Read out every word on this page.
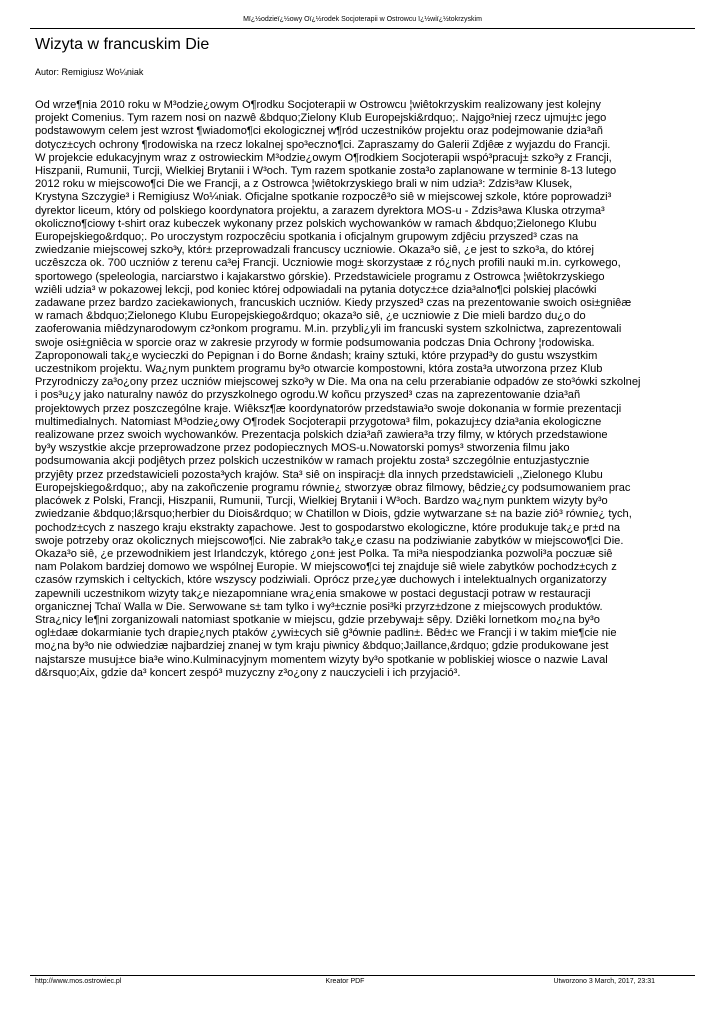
Mï¿½odzieï¿½owy Oï¿½rodek Socjoterapii w Ostrowcu ï¿½wiï¿½tokrzyskim
Wizyta w francuskim Die
Autor: Remigiusz Wo¼niak

Od wrze¶nia 2010 roku w M³odzie¿owym O¶rodku Socjoterapii w Ostrowcu ¦wiêtokrzyskim realizowany jest kolejny
projekt Comenius. Tym razem nosi on nazwê &bdquo;Zielony Klub Europejski&rdquo;. Najgo³niej rzecz ujmuj±c jego
podstawowym celem jest wzrost ¶wiadomo¶ci ekologicznej w¶ród uczestników projektu oraz podejmowanie dzia³añ
dotycz±cych ochrony ¶rodowiska na rzecz lokalnej spo³eczno¶ci. Zapraszamy do Galerii Zdjêæ z wyjazdu do Francji.
W projekcie edukacyjnym wraz z ostrowieckim M³odzie¿owym O¶rodkiem Socjoterapii wspó³pracuj± szko³y z Francji,
Hiszpanii, Rumunii, Turcji, Wielkiej Brytanii i W³och. Tym razem spotkanie zosta³o zaplanowane w terminie 8-13 lutego
2012 roku w miejscowo¶ci Die we Francji, a z Ostrowca ¦wiêtokrzyskiego brali w nim udzia³: Zdzis³aw Klusek,
Krystyna Szczygie³ i Remigiusz Wo¼niak. Oficjalne spotkanie rozpoczê³o siê w miejscowej szkole, które poprowadzi³
dyrektor liceum, który od polskiego koordynatora projektu, a zarazem dyrektora MOS-u - Zdzis³awa Kluska otrzyma³
okoliczno¶ciowy t-shirt oraz kubeczek wykonany przez polskich wychowanków w ramach &bdquo;Zielonego Klubu
Europejskiego&rdquo;. Po uroczystym rozpoczêciu spotkania i oficjalnym grupowym zdjêciu przyszed³ czas na
zwiedzanie miejscowej szko³y, któr± przeprowadzali francuscy uczniowie. Okaza³o siê, ¿e jest to szko³a, do której
uczêszcza ok. 700 uczniów z terenu ca³ej Francji. Uczniowie mog± skorzystaæ z ró¿nych profili nauki m.in. cyrkowego,
sportowego (speleologia, narciarstwo i kajakarstwo górskie). Przedstawiciele programu z Ostrowca ¦wiêtokrzyskiego
wziêli udzia³ w pokazowej lekcji, pod koniec której odpowiadali na pytania dotycz±ce dzia³alno¶ci polskiej placówki
zadawane przez bardzo zaciekawionych, francuskich uczniów. Kiedy przyszed³ czas na prezentowanie swoich osi±gniêæ
w ramach &bdquo;Zielonego Klubu Europejskiego&rdquo; okaza³o siê, ¿e uczniowie z Die mieli bardzo du¿o do
zaoferowania miêdzynarodowym cz³onkom programu. M.in. przybli¿yli im francuski system szkolnictwa, zaprezentowali
swoje osi±gniêcia w sporcie oraz w zakresie przyrody w formie podsumowania podczas Dnia Ochrony ¦rodowiska.
Zaproponowali tak¿e wycieczki do Pepignan i do Borne &ndash; krainy sztuki, które przypad³y do gustu wszystkim
uczestnikom projektu. Wa¿nym punktem programu by³o otwarcie kompostowni, która zosta³a utworzona przez Klub
Przyrodniczy za³o¿ony przez uczniów miejscowej szko³y w Die. Ma ona na celu przerabianie odpadów ze sto³ówki szkolnej
i pos³u¿y jako naturalny nawóz do przyszkolnego ogrodu.W koñcu przyszed³ czas na zaprezentowanie dzia³añ
projektowych przez poszczególne kraje. Wiêksz¶æ koordynatorów przedstawia³o swoje dokonania w formie prezentacji
multimedialnych. Natomiast M³odzie¿owy O¶rodek Socjoterapii przygotowa³ film, pokazuj±cy dzia³ania ekologiczne
realizowane przez swoich wychowanków. Prezentacja polskich dzia³añ zawiera³a trzy filmy, w których przedstawione
by³y wszystkie akcje przeprowadzone przez podopiecznych MOS-u.Nowatorski pomys³ stworzenia filmu jako
podsumowania akcji podjêtych przez polskich uczestników w ramach projektu zosta³ szczególnie entuzjastycznie
przyjêty przez przedstawicieli pozosta³ych krajów. Sta³ siê on inspiracj± dla innych przedstawicieli ,,Zielonego Klubu
Europejskiego&rdquo;, aby na zakoñczenie programu równie¿ stworzyæ obraz filmowy, bêdzie¿cy podsumowaniem prac
placówek z Polski, Francji, Hiszpanii, Rumunii, Turcji, Wielkiej Brytanii i W³och. Bardzo wa¿nym punktem wizyty by³o
zwiedzanie &bdquo;l&rsquo;herbier du Diois&rdquo; w Chatillon w Diois, gdzie wytwarzane s± na bazie zió³ równie¿ tych,
pochodz±cych z naszego kraju ekstrakty zapachowe. Jest to gospodarstwo ekologiczne, które produkuje tak¿e pr±d na
swoje potrzeby oraz okolicznych miejscowo¶ci. Nie zabrak³o tak¿e czasu na podziwianie zabytków w miejscowo¶ci Die.
Okaza³o siê, ¿e przewodnikiem jest Irlandczyk, którego ¿on± jest Polka. Ta mi³a niespodzianka pozwoli³a poczuæ siê
nam Polakom bardziej domowo we wspólnej Europie. W miejscowo¶ci tej znajduje siê wiele zabytków pochodz±cych z
czasów rzymskich i celtyckich, które wszyscy podziwiali. Oprócz prze¿yæ duchowych i intelektualnych organizatorzy
zapewnili uczestnikom wizyty tak¿e niezapomniane wra¿enia smakowe w postaci degustacji potraw w restauracji
organicznej Tchaï Walla w Die. Serwowane s± tam tylko i wy³±cznie posi³ki przyrz±dzone z miejscowych produktów.
Stra¿nicy le¶ni zorganizowali natomiast spotkanie w miejscu, gdzie przebywaj± sêpy. Dziêki lornetkom mo¿na by³o
ogl±daæ dokarmianie tych drapie¿nych ptaków ¿ywi±cych siê g³ównie padlin±. Bêd±c we Francji i w takim mie¶cie nie
mo¿na by³o nie odwiedziæ najbardziej znanej w tym kraju piwnicy &bdquo;Jaillance,&rdquo; gdzie produkowane jest
najstarsze musuj±ce bia³e wino.Kulminacyjnym momentem wizyty by³o spotkanie w pobliskiej wiosce o nazwie Laval
d&rsquo;Aix, gdzie da³ koncert zespó³ muzyczny z³o¿ony z nauczycieli i ich przyjació³.

http://www.mos.ostrowiec.pl	Kreator PDF	Utworzono 3 March, 2017, 23:31
